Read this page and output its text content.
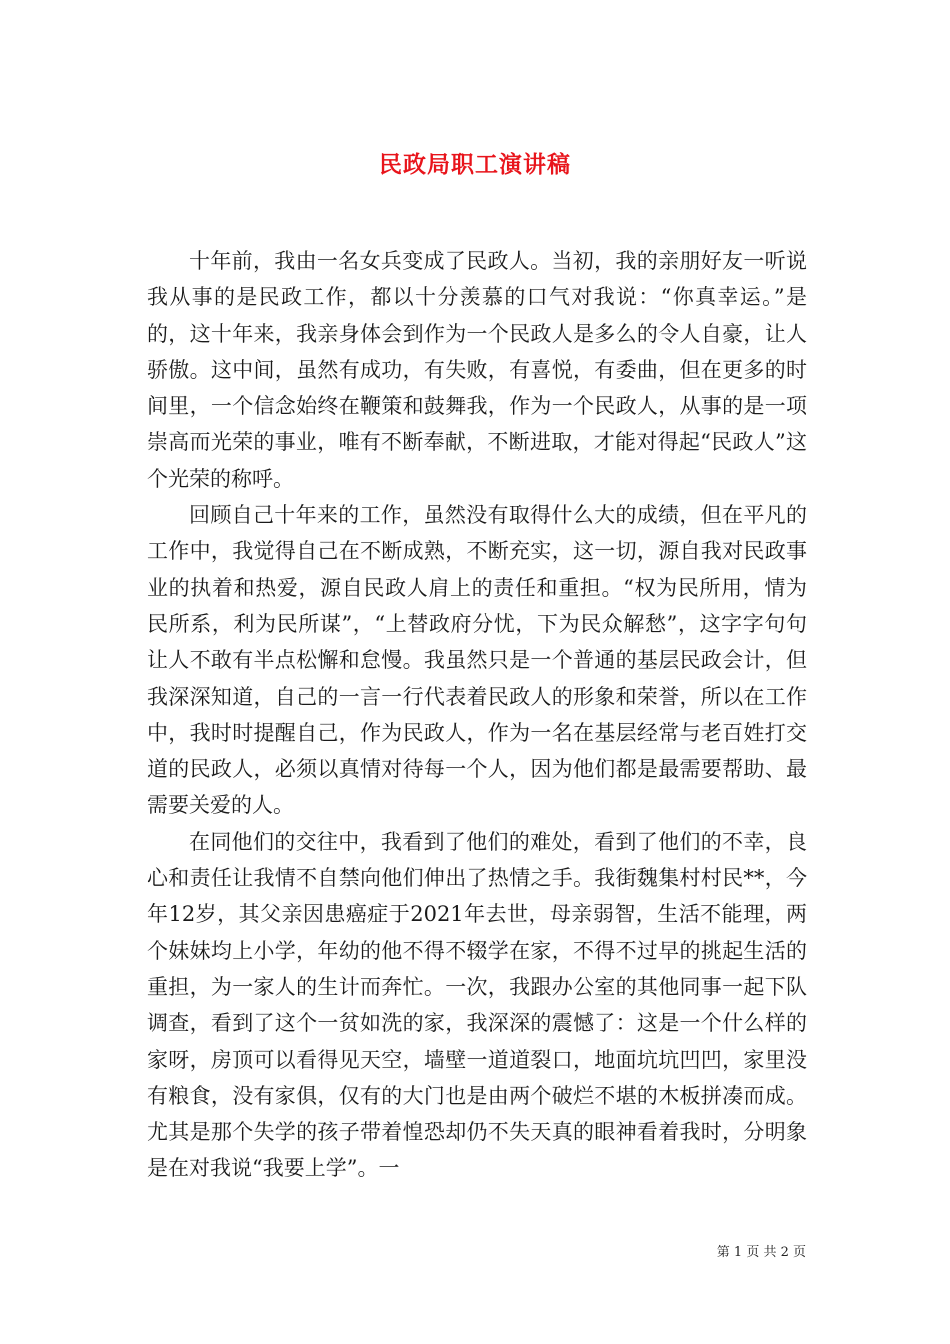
民政局职工演讲稿

十年前，我由一名女兵变成了民政人。当初，我的亲朋好友一听说我从事的是民政工作，都以十分羡慕的口气对我说：“你真幸运。”是的，这十年来，我亲身体会到作为一个民政人是多么的令人自豪，让人骄傲。这中间，虽然有成功，有失败，有喜悦，有委曲，但在更多的时间里，一个信念始终在鞭策和鼓舞我，作为一个民政人，从事的是一项崇高而光荣的事业，唯有不断奉献，不断进取，才能对得起“民政人”这个光荣的称呼。

回顾自己十年来的工作，虽然没有取得什么大的成绩，但在平凡的工作中，我觉得自己在不断成熟，不断充实，这一切，源自我对民政事业的执着和热爱，源自民政人肩上的责任和重担。“权为民所用，情为民所系，利为民所谋”，“上替政府分忧，下为民众解愁”，这字字句句让人不敢有半点松懈和怠慢。我虽然只是一个普通的基层民政会计，但我深深知道，自己的一言一行代表着民政人的形象和荣誉，所以在工作中，我时时提醒自己，作为民政人，作为一名在基层经常与老百姓打交道的民政人，必须以真情对待每一个人，因为他们都是最需要帮助、最需要关爱的人。

在同他们的交往中，我看到了他们的难处，看到了他们的不幸，良心和责任让我情不自禁向他们伸出了热情之手。我街魏集村村民**，今年12岁，其父亲因患癌症于2021年去世，母亲弱智，生活不能理，两个妹妹均上小学，年幼的他不得不辍学在家，不得不过早的挑起生活的重担，为一家人的生计而奔忙。一次，我跟办公室的其他同事一起下队调查，看到了这个一贫如洗的家，我深深的震憾了：这是一个什么样的家呀，房顶可以看得见天空，墙壁一道道裂口，地面坑坑凹凹，家里没有粮食，没有家俱，仅有的大门也是由两个破烂不堪的木板拼凑而成。尤其是那个失学的孩子带着惶恐却仍不失天真的眼神看着我时，分明象是在对我说“我要上学”。一

第 1 页 共 2 页
